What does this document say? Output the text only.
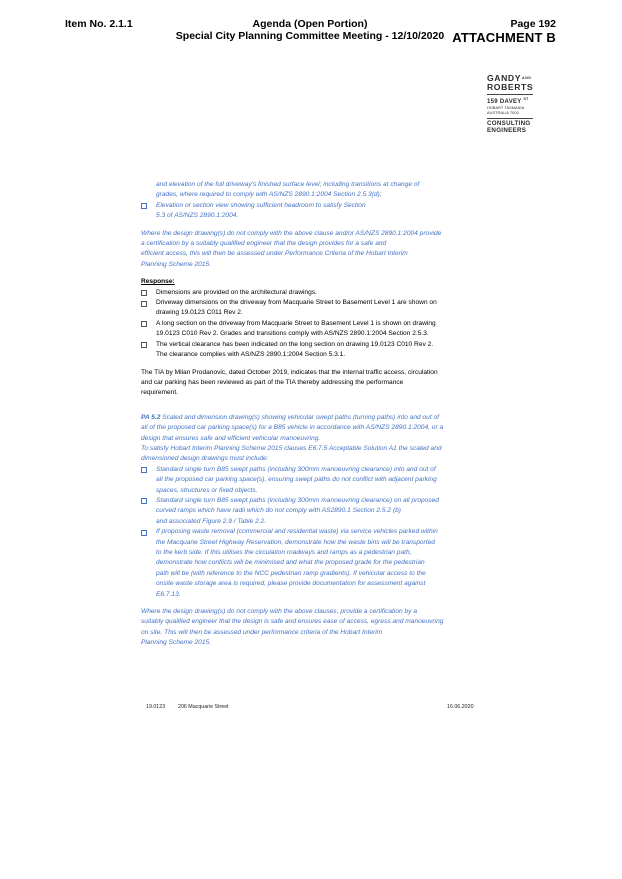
Item No. 2.1.1	Agenda (Open Portion)
Special City Planning Committee Meeting - 12/10/2020
Page 192
ATTACHMENT B
$GANDY^{AND}$
ROBERTS
159 DAVEY $^{ST}$
HOBART TASMANIA
AUSTRALIA 7000
CONSULTING
ENGINEERS
and elevation of the full driveway's finished surface level; including transitions at change of
grades, where required to comply with AS/NZS 2890.1:2004 Section 2.5.3(d);
Elevation or section view showing sufficient headroom to satisfy Section
5.3 of AS/NZS 2890.1:2004.
Where the design drawing(s) do not comply with the above clause and/or AS/NZS 2890.1:2004 provide
a certification by a suitably qualified engineer that the design provides for a safe and
efficient access, this will then be assessed under Performance Criteria of the Hobart Interim
Planning Scheme 2015.
Response:
Dimensions are provided on the architectural drawings.
Driveway dimensions on the driveway from Macquarie Street to Basement Level 1 are shown on
drawing 19.0123 C011 Rev 2.
A long section on the driveway from Macquarie Street to Basement Level 1 is shown on drawing
19.0123 C010 Rev 2. Grades and transitions comply with AS/NZS 2890.1:2004 Section 2.5.3.
The vertical clearance has been indicated on the long section on drawing 19.0123 C010 Rev 2.
The clearance complies with AS/NZS 2890.1:2004 Section 5.3.1.
The TIA by Milan Prodanovic, dated October 2019, indicates that the internal traffic access, circulation
and car parking has been reviewed as part of the TIA thereby addressing the performance
requirement.
PA 5.2 Scaled and dimension drawing(s) showing vehicular swept paths (turning paths) into and out of
all of the proposed car parking space(s) for a B85 vehicle in accordance with AS/NZS 2890.1:2004, or a
design that ensures safe and efficient vehicular manoeuvring.
To satisfy Hobart Interim Planning Scheme 2015 clauses E6.7.5 Acceptable Solution A1 the scaled and
dimensioned design drawings must include:
Standard single turn B85 swept paths (including 300mm manoeuvring clearance) into and out of
all the proposed car parking space(s), ensuring swept paths do not conflict with adjacent parking
spaces, structures or fixed objects.
Standard single turn B85 swept paths (including 300mm manoeuvring clearance) on all proposed
curved ramps which have radii which do not comply with AS2890.1 Section 2.5.2 (b)
and associated Figure 2.9 / Table 2.2.
If proposing waste removal (commercial and residential waste) via service vehicles parked within
the Macquarie Street Highway Reservation, demonstrate how the waste bins will be transported
to the kerb side. If this utilises the circulation roadways and ramps as a pedestrian path,
demonstrate how conflicts will be minimised and what the proposed grade for the pedestrian
path will be (with reference to the NCC pedestrian ramp gradients). If vehicular access to the
onsite waste storage area is required, please provide documentation for assessment against
E6.7.13.
Where the design drawing(s) do not comply with the above clauses, provide a certification by a
suitably qualified engineer that the design is safe and ensures ease of access, egress and manoeuvring
on site. This will then be assessed under performance criteria of the Hobart Interim
Planning Scheme 2015.
19.0123 206 Macquarie Street	16.06.2020
